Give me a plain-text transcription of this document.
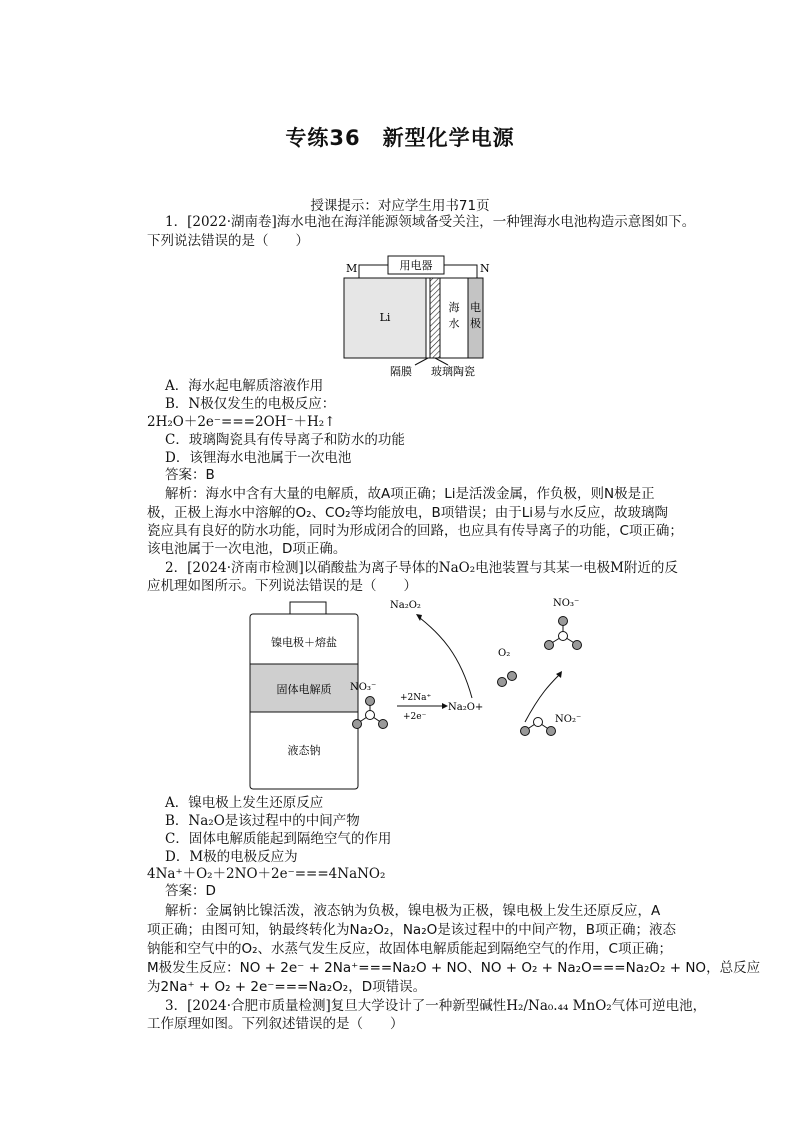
专练36　新型化学电源
授课提示：对应学生用书71页
1．[2022·湖南卷]海水电池在海洋能源领域备受关注，一种锂海水电池构造示意图如下。
下列说法错误的是（　　）
用电器
M	N
Li
海
水
电
极
隔膜 玻璃陶瓷
A．海水起电解质溶液作用
B．N极仅发生的电极反应：
2H₂O＋2e⁻===2OH⁻＋H₂↑
C．玻璃陶瓷具有传导离子和防水的功能
D．该锂海水电池属于一次电池
答案：B
解析：海水中含有大量的电解质，故A项正确；Li是活泼金属，作负极，则N极是正
极，正极上海水中溶解的O₂、CO₂等均能放电，B项错误；由于Li易与水反应，故玻璃陶
瓷应具有良好的防水功能，同时为形成闭合的回路，也应具有传导离子的功能，C项正确；
该电池属于一次电池，D项正确。
2．[2024·济南市检测]以硝酸盐为离子导体的NaO₂电池装置与其某一电极M附近的反
应机理如图所示。下列说法错误的是（　　）
镍电极＋熔盐
固体电解质
液态钠
NO₃⁻
+2Na⁺
+2e⁻
Na₂O+
Na₂O₂
O₂
NO₃⁻
NO₂⁻
A．镍电极上发生还原反应
B．Na₂O是该过程中的中间产物
C．固体电解质能起到隔绝空气的作用
D．M极的电极反应为
4Na⁺＋O₂＋2NO＋2e⁻===4NaNO₂
答案：D
解析：金属钠比镍活泼，液态钠为负极，镍电极为正极，镍电极上发生还原反应，A
项正确；由图可知，钠最终转化为Na₂O₂，Na₂O是该过程中的中间产物，B项正确；液态
钠能和空气中的O₂、水蒸气发生反应，故固体电解质能起到隔绝空气的作用，C项正确；
M极发生反应：NO + 2e⁻ + 2Na⁺===Na₂O + NO、NO + O₂ + Na₂O===Na₂O₂ + NO，总反应
为2Na⁺ + O₂ + 2e⁻===Na₂O₂，D项错误。
3．[2024·合肥市质量检测]复旦大学设计了一种新型碱性H₂/Na₀.₄₄ MnO₂气体可逆电池，
工作原理如图。下列叙述错误的是（　　）
